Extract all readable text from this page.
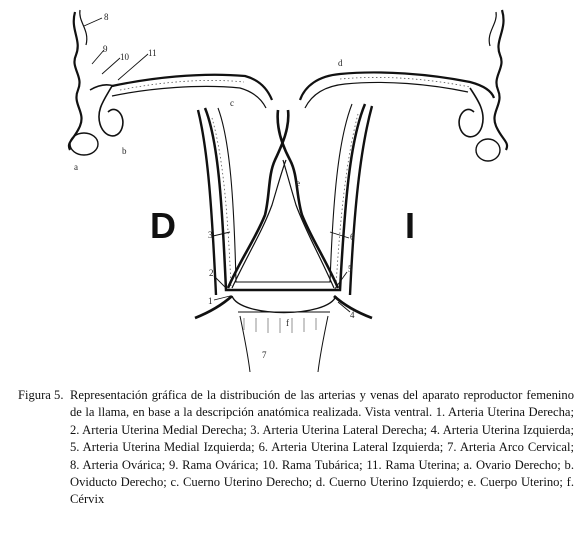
D	I
1
2
3
4
5
6
7
8
9
10 11
a
b
c
d
e
f
Figura 5. Representación gráfica de la distribución de las arterias y venas del aparato reproductor femenino de la llama, en base a la descripción anatómica realizada. Vista ventral. 1. Arteria Uterina Derecha; 2. Arteria Uterina Medial Derecha; 3. Arteria Uterina Lateral Derecha; 4. Arteria Uterina Izquierda; 5. Arteria Uterina Medial Izquierda; 6. Arteria Uterina Lateral Izquierda; 7. Arteria Arco Cervical; 8. Arteria Ovárica; 9. Rama Ovárica; 10. Rama Tubárica; 11. Rama Uterina; a. Ovario Derecho; b. Oviducto Derecho; c. Cuerno Uterino Derecho; d. Cuerno Uterino Izquierdo; e. Cuerpo Uterino; f. Cérvix
